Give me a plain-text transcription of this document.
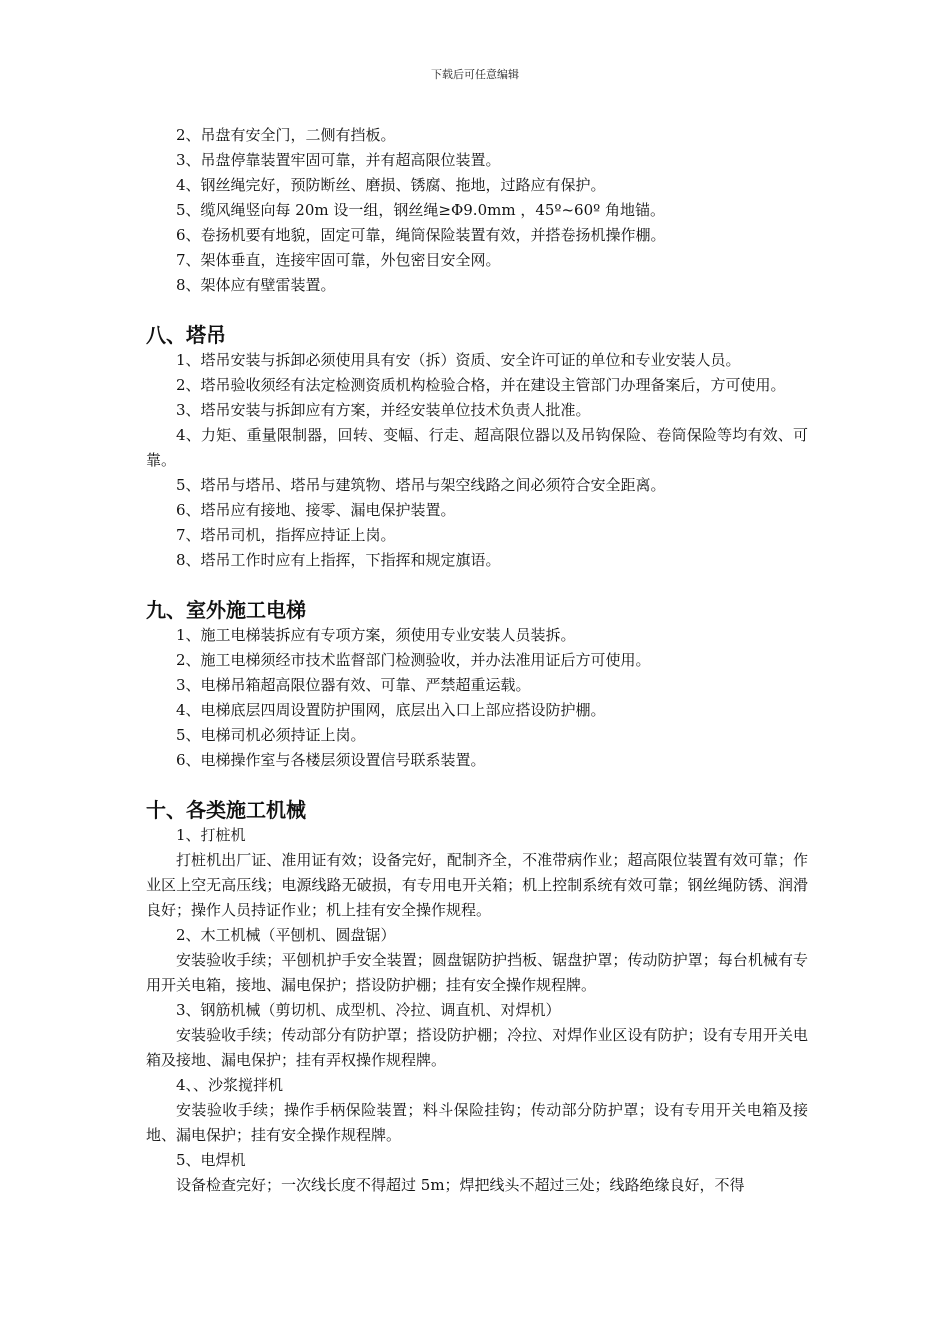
下载后可任意编辑
2、吊盘有安全门，二侧有挡板。
3、吊盘停靠装置牢固可靠，并有超高限位装置。
4、钢丝绳完好，预防断丝、磨损、锈腐、拖地，过路应有保护。
5、缆风绳竖向每 20m 设一组，钢丝绳≥Φ9.0mm ，45º~60º 角地锚。
6、卷扬机要有地貌，固定可靠，绳筒保险装置有效，并搭卷扬机操作棚。
7、架体垂直，连接牢固可靠，外包密目安全网。
8、架体应有壁雷装置。
八、塔吊
1、塔吊安装与拆卸必须使用具有安（拆）资质、安全许可证的单位和专业安装人员。
2、塔吊验收须经有法定检测资质机构检验合格，并在建设主管部门办理备案后，方可使用。
3、塔吊安装与拆卸应有方案，并经安装单位技术负责人批准。
4、力矩、重量限制器，回转、变幅、行走、超高限位器以及吊钩保险、卷筒保险等均有效、可靠。
5、塔吊与塔吊、塔吊与建筑物、塔吊与架空线路之间必须符合安全距离。
6、塔吊应有接地、接零、漏电保护装置。
7、塔吊司机，指挥应持证上岗。
8、塔吊工作时应有上指挥，下指挥和规定旗语。
九、室外施工电梯
1、施工电梯装拆应有专项方案，须使用专业安装人员装拆。
2、施工电梯须经市技术监督部门检测验收，并办法准用证后方可使用。
3、电梯吊箱超高限位器有效、可靠、严禁超重运载。
4、电梯底层四周设置防护围网，底层出入口上部应搭设防护棚。
5、电梯司机必须持证上岗。
6、电梯操作室与各楼层须设置信号联系装置。
十、各类施工机械
1、打桩机
打桩机出厂证、准用证有效；设备完好，配制齐全，不准带病作业；超高限位装置有效可靠；作业区上空无高压线；电源线路无破损，有专用电开关箱；机上控制系统有效可靠；钢丝绳防锈、润滑良好；操作人员持证作业；机上挂有安全操作规程。
2、木工机械（平刨机、圆盘锯）
安装验收手续；平刨机护手安全装置；圆盘锯防护挡板、锯盘护罩；传动防护罩；每台机械有专用开关电箱，接地、漏电保护；搭设防护棚；挂有安全操作规程牌。
3、钢筋机械（剪切机、成型机、冷拉、调直机、对焊机）
安装验收手续；传动部分有防护罩；搭设防护棚；冷拉、对焊作业区设有防护；设有专用开关电箱及接地、漏电保护；挂有弄权操作规程牌。
4、、沙浆搅拌机
安装验收手续；操作手柄保险装置；料斗保险挂钩；传动部分防护罩；设有专用开关电箱及接地、漏电保护；挂有安全操作规程牌。
5、电焊机
设备检查完好；一次线长度不得超过 5m；焊把线头不超过三处；线路绝缘良好，不得
